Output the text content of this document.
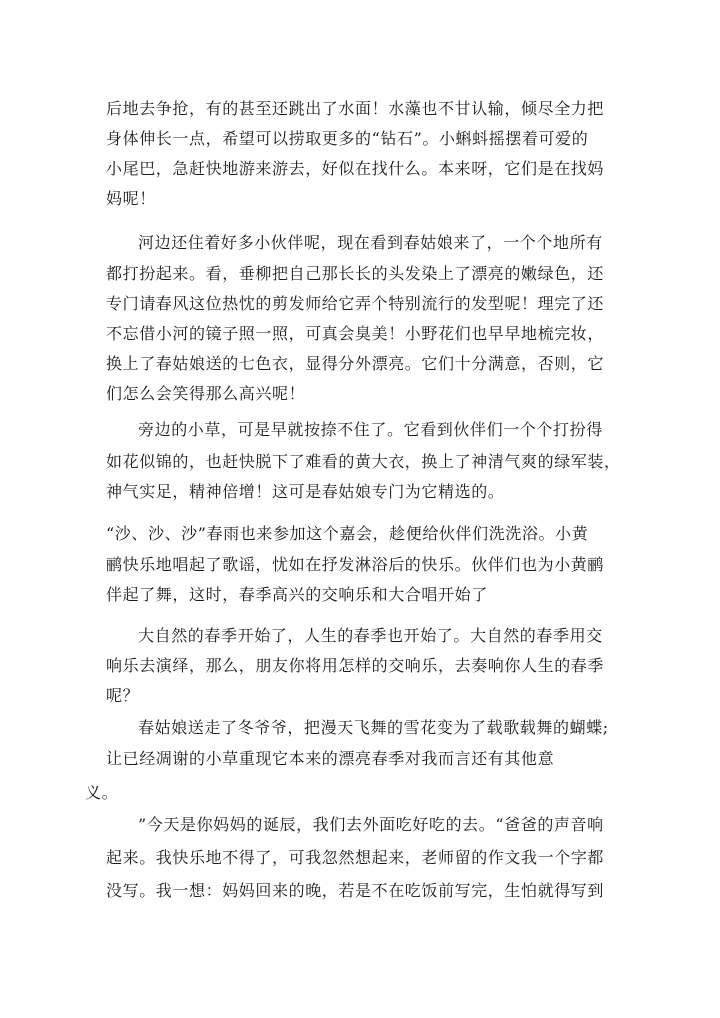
后地去争抢，有的甚至还跳出了水面！水藻也不甘认输，倾尽全力把
身体伸长一点，希望可以捞取更多的“钻石”。小蝌蚪摇摆着可爱的
小尾巴，急赶快地游来游去，好似在找什么。本来呀，它们是在找妈
妈呢！
河边还住着好多小伙伴呢，现在看到春姑娘来了，一个个地所有
都打扮起来。看，垂柳把自己那长长的头发染上了漂亮的嫩绿色，还
专门请春风这位热忱的剪发师给它弄个特别流行的发型呢！理完了还
不忘借小河的镜子照一照，可真会臭美！小野花们也早早地梳完妆，
换上了春姑娘送的七色衣，显得分外漂亮。它们十分满意，否则，它
们怎么会笑得那么高兴呢！
旁边的小草，可是早就按捺不住了。它看到伙伴们一个个打扮得
如花似锦的，也赶快脱下了难看的黄大衣，换上了神清气爽的绿军装，
神气实足，精神倍增！这可是春姑娘专门为它精选的。
“沙、沙、沙”春雨也来参加这个嘉会，趁便给伙伴们洗洗浴。小黄
鹂快乐地唱起了歌谣，忧如在抒发淋浴后的快乐。伙伴们也为小黄鹂
伴起了舞，这时，春季高兴的交响乐和大合唱开始了
大自然的春季开始了，人生的春季也开始了。大自然的春季用交
响乐去演绎，那么，朋友你将用怎样的交响乐，去奏响你人生的春季
呢？
春姑娘送走了冬爷爷，把漫天飞舞的雪花变为了载歌载舞的蝴蝶;
让已经凋谢的小草重现它本来的漂亮春季对我而言还有其他意
义。
”今天是你妈妈的诞辰，我们去外面吃好吃的去。“爸爸的声音响
起来。我快乐地不得了，可我忽然想起来，老师留的作文我一个字都
没写。我一想：妈妈回来的晚，若是不在吃饭前写完，生怕就得写到
